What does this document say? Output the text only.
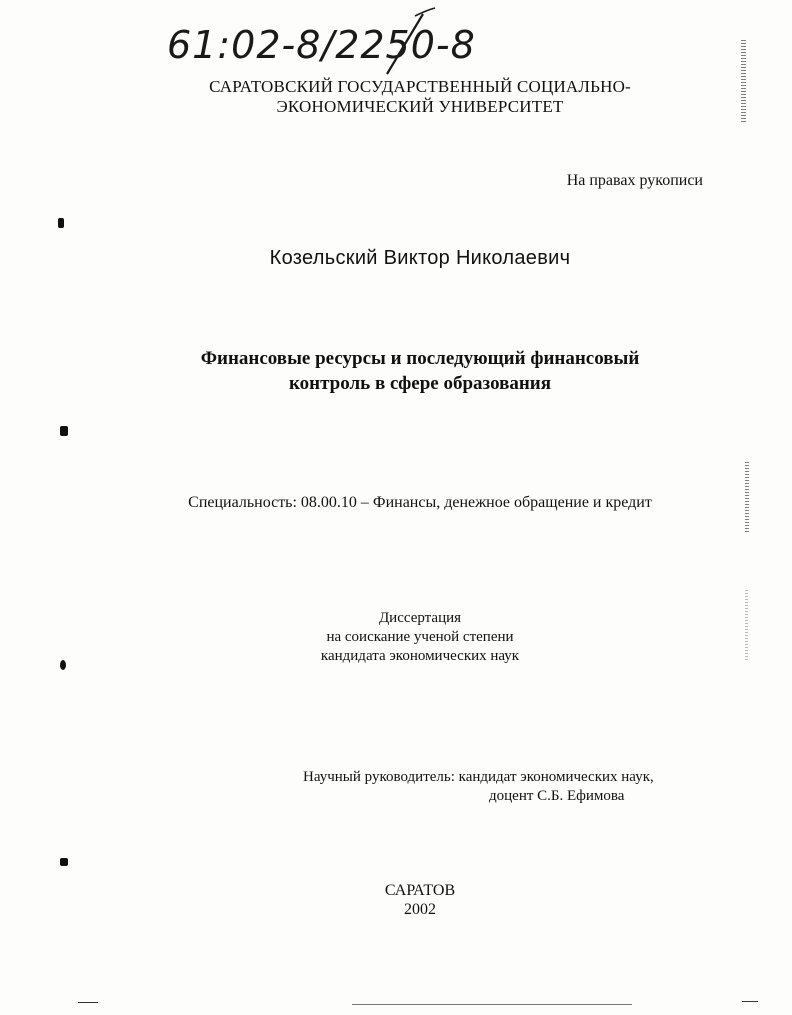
61:02-8/2250-8
САРАТОВСКИЙ ГОСУДАРСТВЕННЫЙ СОЦИАЛЬНО-
ЭКОНОМИЧЕСКИЙ УНИВЕРСИТЕТ
На правах рукописи
Козельский Виктор Николаевич
Финансовые ресурсы и последующий финансовый
контроль в сфере образования
Специальность: 08.00.10 – Финансы, денежное обращение и кредит
Диссертация
на соискание ученой степени
кандидата экономических наук
Научный руководитель: кандидат экономических наук,
доцент С.Б. Ефимова
САРАТОВ
2002
